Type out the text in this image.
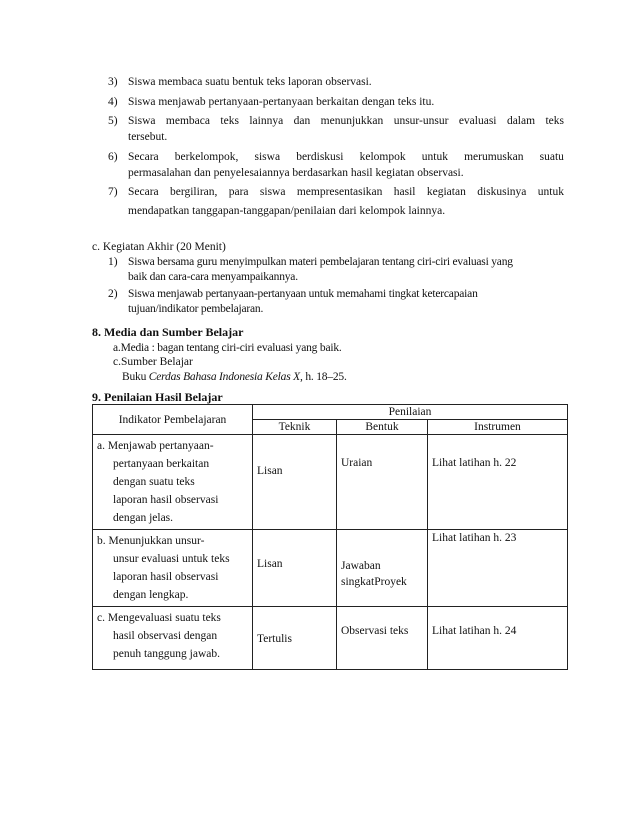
3) Siswa membaca suatu bentuk teks laporan observasi.
4) Siswa menjawab pertanyaan-pertanyaan berkaitan dengan teks itu.
5) Siswa membaca teks lainnya dan menunjukkan unsur-unsur evaluasi dalam teks
tersebut.
6) Secara berkelompok, siswa berdiskusi kelompok untuk merumuskan suatu
permasalahan dan penyelesaiannya berdasarkan hasil kegiatan observasi.
7) Secara bergiliran, para siswa mempresentasikan hasil kegiatan diskusinya untuk
mendapatkan tanggapan-tanggapan/penilaian dari kelompok lainnya.
c. Kegiatan Akhir (20 Menit)
1) Siswa bersama guru menyimpulkan materi pembelajaran tentang ciri-ciri evaluasi yang
baik dan cara-cara menyampaikannya.
2) Siswa menjawab pertanyaan-pertanyaan untuk memahami tingkat ketercapaian
tujuan/indikator pembelajaran.
8. Media dan Sumber Belajar
a.Media : bagan tentang ciri-ciri evaluasi yang baik.
c.Sumber Belajar
Buku Cerdas Bahasa Indonesia Kelas X, h. 18–25.
9. Penilaian Hasil Belajar
Indikator Pembelajaran	Penilaian		
	Teknik	Bentuk	Instrumen
a. Menjawab pertanyaan-
pertanyaan berkaitan
dengan suatu teks
laporan hasil observasi
dengan jelas.	Lisan	Uraian	Lihat latihan h. 22
b. Menunjukkan unsur-
unsur evaluasi untuk teks
laporan hasil observasi
dengan lengkap.	Lisan	Jawaban singkatProyek	Lihat latihan h. 23
c. Mengevaluasi suatu teks
hasil observasi dengan
penuh tanggung jawab.	Tertulis	Observasi teks	Lihat latihan h. 24
